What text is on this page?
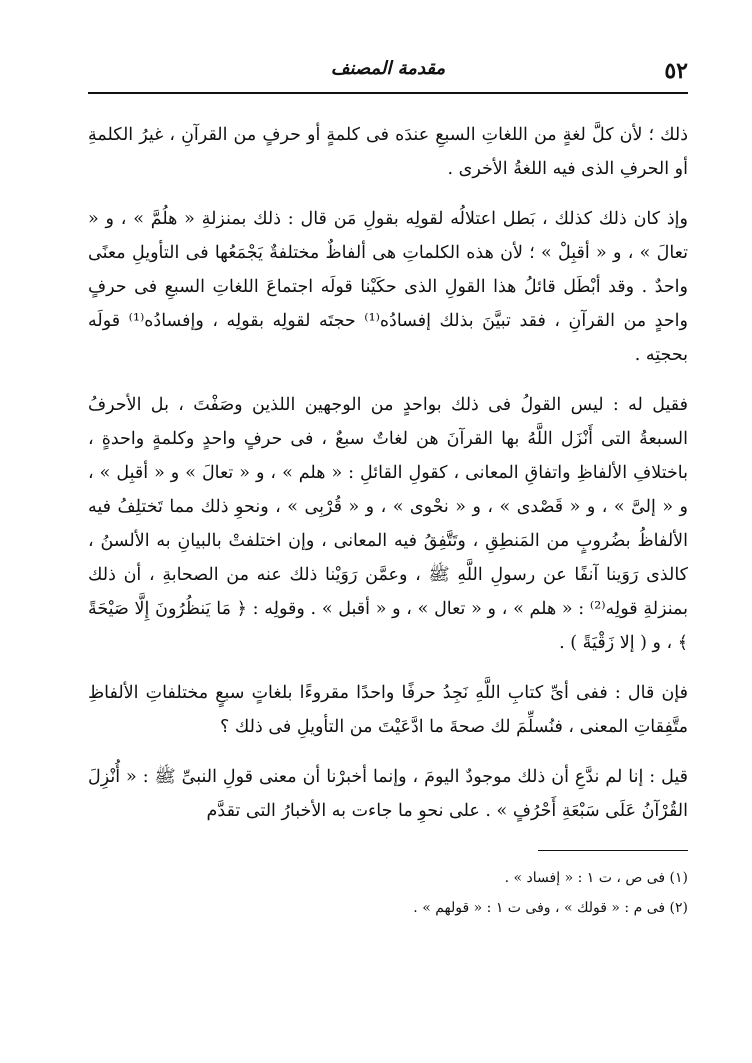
٥٢
مقدمة المصنف

ذلك ؛ لأن كلَّ لغةٍ من اللغاتِ السبعِ عندَه فى كلمةٍ أو حرفٍ من القرآنِ ، غيرُ الكلمةِ أو الحرفِ الذى فيه اللغةُ الأخرى .

وإذ كان ذلك كذلك ، بَطل اعتلالُه لقولِه بقولِ مَن قال : ذلك بمنزلةِ « هلُمَّ » ، و « تعالَ » ، و « أقبِلْ » ؛ لأن هذه الكلماتِ هى ألفاظٌ مختلفةٌ يَجْمَعُها فى التأويلِ معنًى واحدٌ . وقد أبْطَل قائلُ هذا القولِ الذى حكَيْنا قولَه اجتماعَ اللغاتِ السبعِ فى حرفٍ واحدٍ من القرآنِ ، فقد تبيَّنَ بذلك إفسادُه⁽¹⁾ حجتَه لقولِه بقولِه ، وإفسادُه⁽¹⁾ قولَه بحجتِه .

فقيل له : ليس القولُ فى ذلك بواحدٍ من الوجهين اللذين وصَفْتَ ، بل الأحرفُ السبعةُ التى أَنْزَل اللَّهُ بها القرآنَ هن لغاتٌ سبعٌ ، فى حرفٍ واحدٍ وكلمةٍ واحدةٍ ، باختلافِ الألفاظِ واتفاقِ المعانى ، كقولِ القائلِ : « هلم » ، و « تعالَ » و « أقبِل » ، و « إلىَّ » ، و « قَصْدى » ، و « نحْوى » ، و « قُرْبِى » ، ونحوِ ذلك مما تَختلِفُ فيه الألفاظُ بضُروبٍ من المَنطِقِ ، وتَتَّفِقُ فيه المعانى ، وإن اختلفتْ بالبيانِ به الألسنُ ، كالذى رَوَينا آنفًا عن رسولِ اللَّهِ ﷺ ، وعمَّن رَوَيْنا ذلك عنه من الصحابةِ ، أن ذلك بمنزلةِ قولِه⁽²⁾ : « هلم » ، و « تعال » ، و « أقبل » . وقولِه : ﴿ مَا يَنظُرُونَ إِلَّا صَيْحَةً ﴾ ، و ( إلا زَقْيَةً ) .

فإن قال : ففى أىِّ كتابِ اللَّهِ نَجِدُ حرفًا واحدًا مقروءًا بلغاتٍ سبعٍ مختلفاتِ الألفاظِ متَّفِقاتِ المعنى ، فنُسلِّمَ لك صحةَ ما ادَّعَيْتَ من التأويلِ فى ذلك ؟

قيل : إنا لم ندَّعِ أن ذلك موجودٌ اليومَ ، وإنما أخبرْنا أن معنى قولِ النبىِّ ﷺ : « أُنْزِلَ القُرْآنُ عَلَى سَبْعَةِ أَحْرُفٍ » . على نحوِ ما جاءت به الأخبارُ التى تقدَّم

(١) فى ص ، ت ١ : « إفساد » .

(٢) فى م : « قولك » ، وفى ت ١ : « قولهم » .
